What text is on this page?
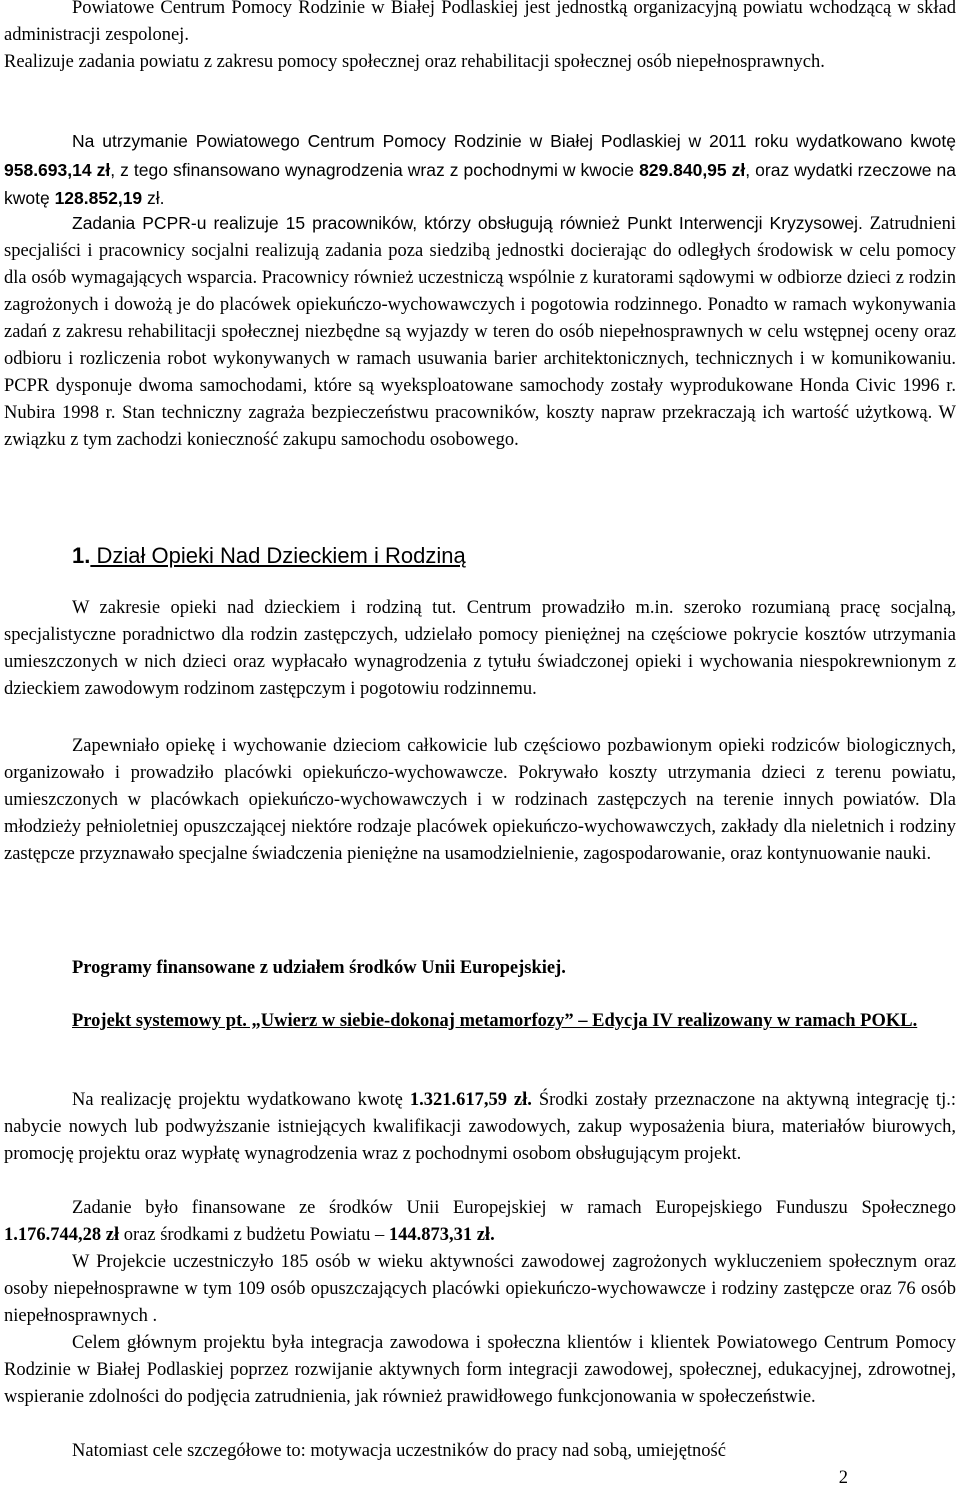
Powiatowe Centrum Pomocy Rodzinie w Białej Podlaskiej jest jednostką organizacyjną powiatu wchodzącą w skład administracji zespolonej.
Realizuje zadania powiatu z zakresu pomocy społecznej oraz rehabilitacji społecznej osób niepełnosprawnych.

Na utrzymanie Powiatowego Centrum Pomocy Rodzinie w Białej Podlaskiej w 2011 roku wydatkowano kwotę 958.693,14 zł, z tego sfinansowano wynagrodzenia wraz z pochodnymi w kwocie 829.840,95 zł, oraz wydatki rzeczowe na kwotę 128.852,19 zł.

Zadania PCPR-u realizuje 15 pracowników, którzy obsługują również Punkt Interwencji Kryzysowej. Zatrudnieni specjaliści i pracownicy socjalni realizują zadania poza siedzibą jednostki docierając do odległych środowisk w celu pomocy dla osób wymagających wsparcia. Pracownicy również uczestniczą wspólnie z kuratorami sądowymi w odbiorze dzieci z rodzin zagrożonych i dowożą je do placówek opiekuńczo-wychowawczych i pogotowia rodzinnego. Ponadto w ramach wykonywania zadań z zakresu rehabilitacji społecznej niezbędne są wyjazdy w teren do osób niepełnosprawnych w celu wstępnej oceny oraz odbioru i rozliczenia robot wykonywanych w ramach usuwania barier architektonicznych, technicznych i w komunikowaniu. PCPR dysponuje dwoma samochodami, które są wyeksploatowane samochody zostały wyprodukowane Honda Civic 1996 r. Nubira 1998 r. Stan techniczny zagraża bezpieczeństwu pracowników, koszty napraw przekraczają ich wartość użytkową. W związku z tym zachodzi konieczność zakupu samochodu osobowego.

1. Dział Opieki Nad Dzieckiem i Rodziną

W zakresie opieki nad dzieckiem i rodziną tut. Centrum prowadziło m.in. szeroko rozumianą pracę socjalną, specjalistyczne poradnictwo dla rodzin zastępczych, udzielało pomocy pieniężnej na częściowe pokrycie kosztów utrzymania umieszczonych w nich dzieci oraz wypłacało wynagrodzenia z tytułu świadczonej opieki i wychowania niespokrewnionym z dzieckiem zawodowym rodzinom zastępczym i pogotowiu rodzinnemu.

Zapewniało opiekę i wychowanie dzieciom całkowicie lub częściowo pozbawionym opieki rodziców biologicznych, organizowało i prowadziło placówki opiekuńczo-wychowawcze. Pokrywało koszty utrzymania dzieci z terenu powiatu, umieszczonych w placówkach opiekuńczo-wychowawczych i w rodzinach zastępczych na terenie innych powiatów. Dla młodzieży pełnioletniej opuszczającej niektóre rodzaje placówek opiekuńczo-wychowawczych, zakłady dla nieletnich i rodziny zastępcze przyznawało specjalne świadczenia pieniężne na usamodzielnienie, zagospodarowanie, oraz kontynuowanie nauki.

Programy finansowane z udziałem środków Unii Europejskiej.

Projekt systemowy pt. „Uwierz w siebie-dokonaj metamorfozy” – Edycja IV realizowany w ramach POKL.

Na realizację projektu wydatkowano kwotę 1.321.617,59 zł. Środki zostały przeznaczone na aktywną integrację tj.: nabycie nowych lub podwyższanie istniejących kwalifikacji zawodowych, zakup wyposażenia biura, materiałów biurowych, promocję projektu oraz wypłatę wynagrodzenia wraz z pochodnymi osobom obsługującym projekt.

Zadanie było finansowane ze środków Unii Europejskiej w ramach Europejskiego Funduszu Społecznego 1.176.744,28 zł oraz środkami z budżetu Powiatu – 144.873,31 zł.

W Projekcie uczestniczyło 185 osób w wieku aktywności zawodowej zagrożonych wykluczeniem społecznym oraz osoby niepełnosprawne w tym 109 osób opuszczających placówki opiekuńczo-wychowawcze i rodziny zastępcze oraz 76 osób niepełnosprawnych .

Celem głównym projektu była integracja zawodowa i społeczna klientów i klientek Powiatowego Centrum Pomocy Rodzinie w Białej Podlaskiej poprzez rozwijanie aktywnych form integracji zawodowej, społecznej, edukacyjnej, zdrowotnej, wspieranie zdolności do podjęcia zatrudnienia, jak również prawidłowego funkcjonowania w społeczeństwie.

Natomiast cele szczegółowe to: motywacja uczestników do pracy nad sobą, umiejętność

2
